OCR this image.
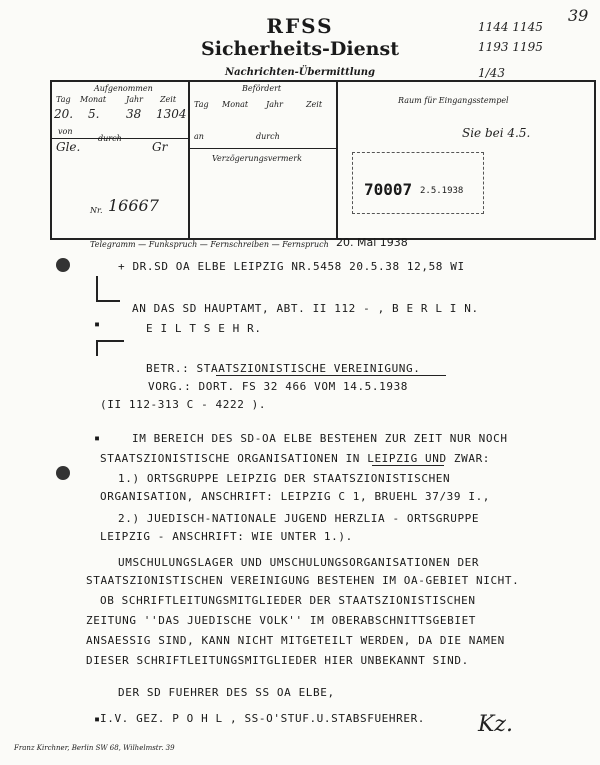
39
1144 1145
1193 1195
1/43
RFSS
Sicherheits-Dienst
Nachrichten-Übermittlung
Aufgenommen
Tag Monat Jahr Zeit
20. 5. 38 1304
von
durch
Gle.	Gr
Befördert
Tag Monat Jahr	Zeit
an	durch
Verzögerungsvermerk
Nr. 16667
Raum für Eingangsstempel
Sie bei 4.5.
70007 2.5.1938
20. Mai 1938
Telegramm — Funkspruch — Fernschreiben — Fernspruch
+ DR.SD OA ELBE LEIPZIG NR.5458 20.5.38 12,58 WI
AN DAS SD HAUPTAMT, ABT. II 112 - , B E R L I N.
E I L T S E H R.
BETR.: STAATSZIONISTISCHE VEREINIGUNG.
VORG.: DORT. FS 32 466 VOM 14.5.1938
(II 112-313 C - 4222 ).
IM BEREICH DES SD-OA ELBE BESTEHEN ZUR ZEIT NUR NOCH
STAATSZIONISTISCHE ORGANISATIONEN IN LEIPZIG UND ZWAR:
1.) ORTSGRUPPE LEIPZIG DER STAATSZIONISTISCHEN
ORGANISATION, ANSCHRIFT: LEIPZIG C 1, BRUEHL 37/39 I.,
2.) JUEDISCH-NATIONALE JUGEND HERZLIA - ORTSGRUPPE
LEIPZIG - ANSCHRIFT: WIE UNTER 1.).
UMSCHULUNGSLAGER UND UMSCHULUNGSORGANISATIONEN DER
STAATSZIONISTISCHEN VEREINIGUNG BESTEHEN IM OA-GEBIET NICHT.
OB SCHRIFTLEITUNGSMITGLIEDER DER STAATSZIONISTISCHEN
ZEITUNG ''DAS JUEDISCHE VOLK'' IM OBERABSCHNITTSGEBIET
ANSAESSIG SIND, KANN NICHT MITGETEILT WERDEN, DA DIE NAMEN
DIESER SCHRIFTLEITUNGSMITGLIEDER HIER UNBEKANNT SIND.
DER SD FUEHRER DES SS OA ELBE,
I.V. GEZ. P O H L , SS-O'STUF.U.STABSFUEHRER.
▪
▪
▪	Kz.
Franz Kirchner, Berlin SW 68, Wilhelmstr. 39
